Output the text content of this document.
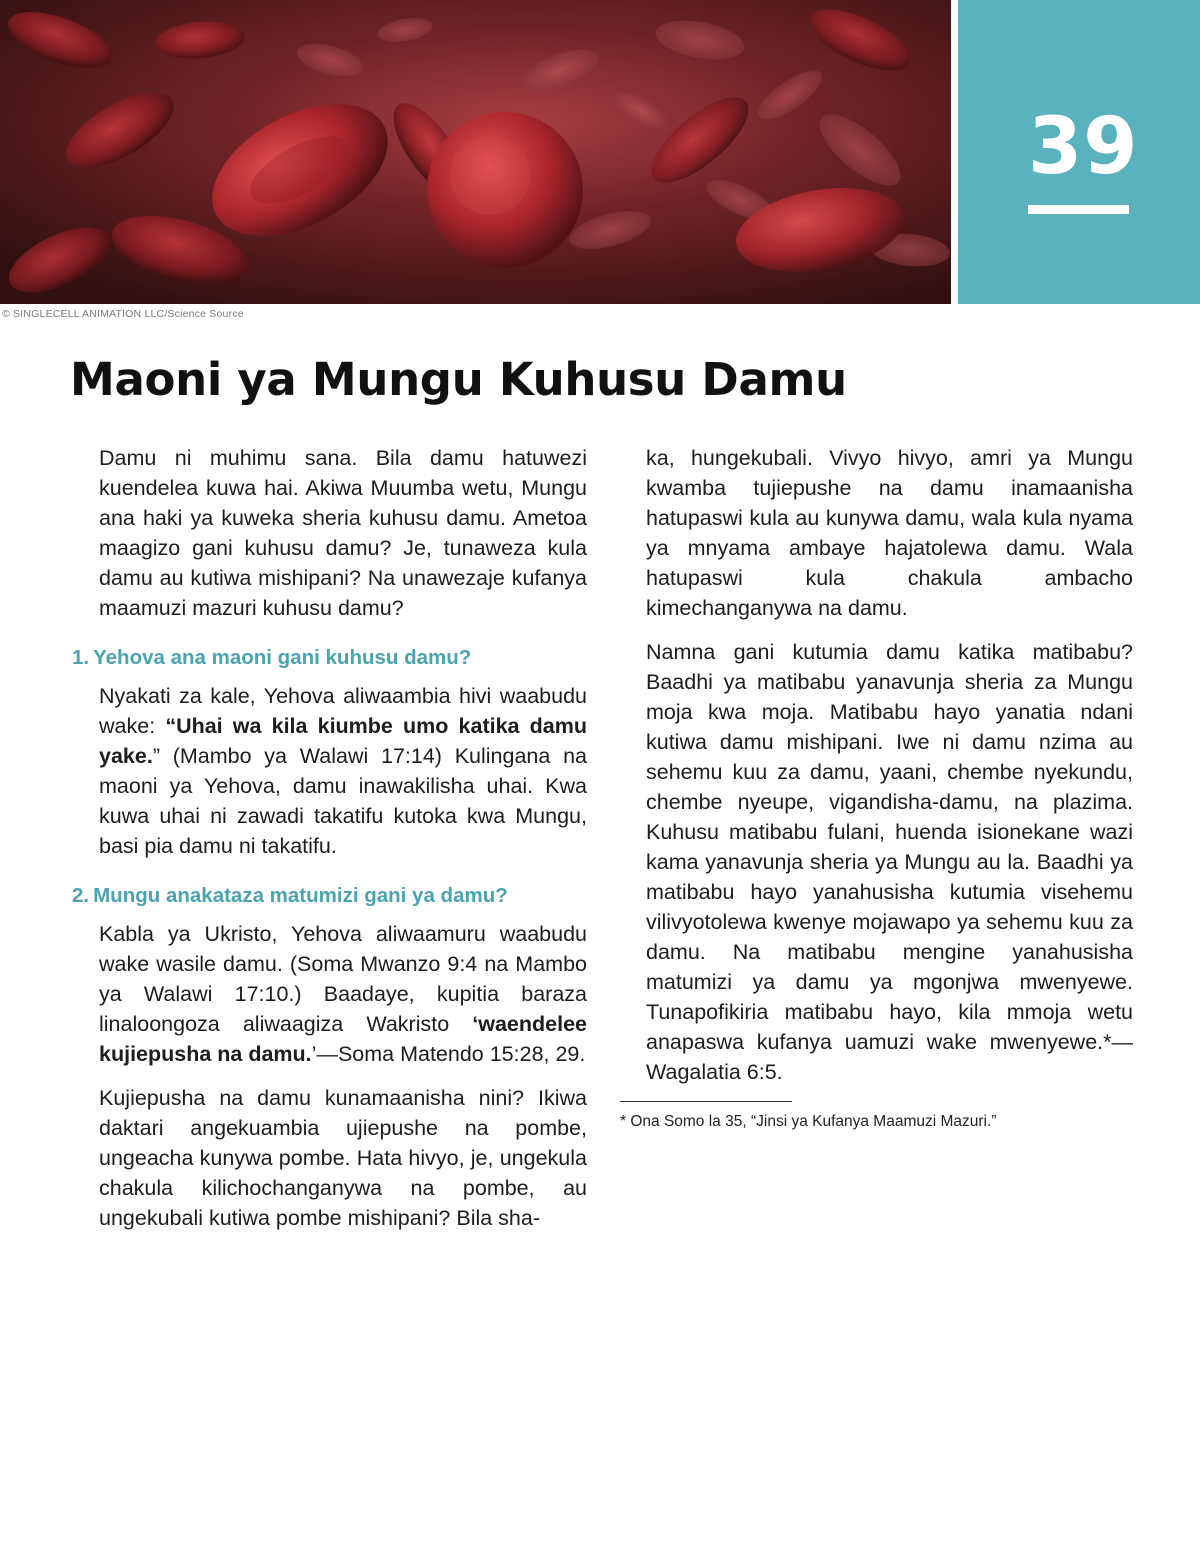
39
© SINGLECELL ANIMATION LLC/Science Source
Maoni ya Mungu Kuhusu Damu

Damu ni muhimu sana. Bila damu hatuwezi kuendelea kuwa hai. Akiwa Muumba wetu, Mungu ana haki ya kuweka sheria kuhusu damu. Ametoa maagizo gani kuhusu damu? Je, tunaweza kula damu au kutiwa mishipani? Na unawezaje kufanya maamuzi mazuri kuhusu damu?

1. Yehova ana maoni gani kuhusu damu?

Nyakati za kale, Yehova aliwaambia hivi waabudu wake: “Uhai wa kila kiumbe umo katika damu yake.” (Mambo ya Walawi 17:14) Kulingana na maoni ya Yehova, damu inawakilisha uhai. Kwa kuwa uhai ni zawadi takatifu kutoka kwa Mungu, basi pia damu ni takatifu.

2. Mungu anakataza matumizi gani ya damu?

Kabla ya Ukristo, Yehova aliwaamuru waabudu wake wasile damu. (Soma Mwanzo 9:4 na Mambo ya Walawi 17:10.) Baadaye, kupitia baraza linaloongoza aliwaagiza Wakristo ‘waendelee kujiepusha na damu.’—Soma Matendo 15:28, 29.

Kujiepusha na damu kunamaanisha nini? Ikiwa daktari angekuambia ujiepushe na pombe, ungeacha kunywa pombe. Hata hivyo, je, ungekula chakula kilichochanganywa na pombe, au ungekubali kutiwa pombe mishipani? Bila sha-

ka, hungekubali. Vivyo hivyo, amri ya Mungu kwamba tujiepushe na damu inamaanisha hatupaswi kula au kunywa damu, wala kula nyama ya mnyama ambaye hajatolewa damu. Wala hatupaswi kula chakula ambacho kimechanganywa na damu.

Namna gani kutumia damu katika matibabu? Baadhi ya matibabu yanavunja sheria za Mungu moja kwa moja. Matibabu hayo yanatia ndani kutiwa damu mishipani. Iwe ni damu nzima au sehemu kuu za damu, yaani, chembe nyekundu, chembe nyeupe, vigandisha-damu, na plazima. Kuhusu matibabu fulani, huenda isionekane wazi kama yanavunja sheria ya Mungu au la. Baadhi ya matibabu hayo yanahusisha kutumia visehemu vilivyotolewa kwenye mojawapo ya sehemu kuu za damu. Na matibabu mengine yanahusisha matumizi ya damu ya mgonjwa mwenyewe. Tunapofikiria matibabu hayo, kila mmoja wetu anapaswa kufanya uamuzi wake mwenyewe.*—Wagalatia 6:5.

* Ona Somo la 35, “Jinsi ya Kufanya Maamuzi Mazuri.”
